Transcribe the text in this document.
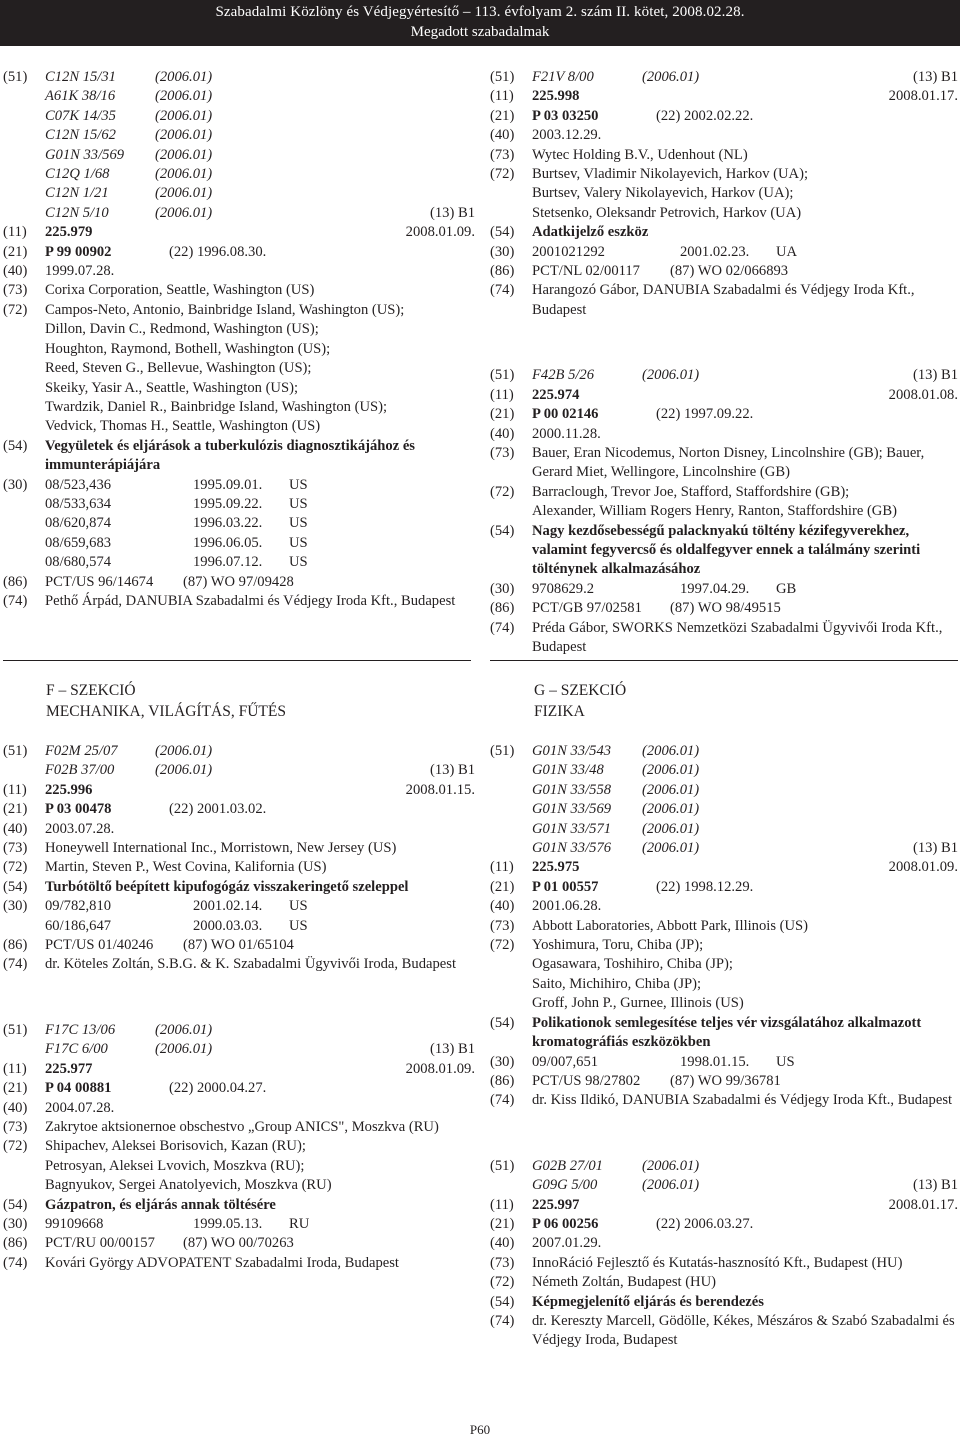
Szabadalmi Közlöny és Védjegyértesítő – 113. évfolyam 2. szám II. kötet, 2008.02.28.
Megadott szabadalmak
(51)	C12N 15/31	(2006.01)
A61K 38/16	(2006.01)
C07K 14/35	(2006.01)
C12N 15/62	(2006.01)
G01N 33/569	(2006.01)
C12Q 1/68	(2006.01)
C12N 1/21	(2006.01)
C12N 5/10	(2006.01)	(13) B1
(11)	225.979	2008.01.09.
(21)	P 99 00902	(22) 1996.08.30.
(40)	1999.07.28.
(73)	Corixa Corporation, Seattle, Washington (US)
(72)	Campos-Neto, Antonio, Bainbridge Island, Washington (US);
Dillon, Davin C., Redmond, Washington (US);
Houghton, Raymond, Bothell, Washington (US);
Reed, Steven G., Bellevue, Washington (US);
Skeiky, Yasir A., Seattle, Washington (US);
Twardzik, Daniel R., Bainbridge Island, Washington (US);
Vedvick, Thomas H., Seattle, Washington (US)
(54)	Vegyületek és eljárások a tuberkulózis diagnosztikájához és immunterápiájára
(30)	08/523,436	1995.09.01.	US
08/533,634	1995.09.22.	US
08/620,874	1996.03.22.	US
08/659,683	1996.06.05.	US
08/680,574	1996.07.12.	US
(86)	PCT/US 96/14674	(87) WO 97/09428
(74)	Pethő Árpád, DANUBIA Szabadalmi és Védjegy Iroda Kft., Budapest
F – SZEKCIÓ
MECHANIKA, VILÁGÍTÁS, FŰTÉS
(51)	F02M 25/07	(2006.01)
F02B 37/00	(2006.01)	(13) B1
(11)	225.996	2008.01.15.
(21)	P 03 00478	(22) 2001.03.02.
(40)	2003.07.28.
(73)	Honeywell International Inc., Morristown, New Jersey (US)
(72)	Martin, Steven P., West Covina, Kalifornia (US)
(54)	Turbótöltő beépített kipufogógáz visszakeringető szeleppel
(30)	09/782,810	2001.02.14.	US
60/186,647	2000.03.03.	US
(86)	PCT/US 01/40246	(87) WO 01/65104
(74)	dr. Köteles Zoltán, S.B.G. & K. Szabadalmi Ügyvivői Iroda, Budapest
(51)	F17C 13/06	(2006.01)
F17C 6/00	(2006.01)	(13) B1
(11)	225.977	2008.01.09.
(21)	P 04 00881	(22) 2000.04.27.
(40)	2004.07.28.
(73)	Zakrytoe aktsionernoe obschestvo „Group ANICS", Moszkva (RU)
(72)	Shipachev, Aleksei Borisovich, Kazan (RU);
Petrosyan, Aleksei Lvovich, Moszkva (RU);
Bagnyukov, Sergei Anatolyevich, Moszkva (RU)
(54)	Gázpatron, és eljárás annak töltésére
(30)	99109668	1999.05.13.	RU
(86)	PCT/RU 00/00157	(87) WO 00/70263
(74)	Kovári György ADVOPATENT Szabadalmi Iroda, Budapest
(51)	F21V 8/00	(2006.01)	(13) B1
(11)	225.998	2008.01.17.
(21)	P 03 03250	(22) 2002.02.22.
(40)	2003.12.29.
(73)	Wytec Holding B.V., Udenhout (NL)
(72)	Burtsev, Vladimir Nikolayevich, Harkov (UA);
Burtsev, Valery Nikolayevich, Harkov (UA);
Stetsenko, Oleksandr Petrovich, Harkov (UA)
(54)	Adatkijelző eszköz
(30)	2001021292	2001.02.23.	UA
(86)	PCT/NL 02/00117	(87) WO 02/066893
(74)	Harangozó Gábor, DANUBIA Szabadalmi és Védjegy Iroda Kft., Budapest
(51)	F42B 5/26	(2006.01)	(13) B1
(11)	225.974	2008.01.08.
(21)	P 00 02146	(22) 1997.09.22.
(40)	2000.11.28.
(73)	Bauer, Eran Nicodemus, Norton Disney, Lincolnshire (GB); Bauer, Gerard Miet, Wellingore, Lincolnshire (GB)
(72)	Barraclough, Trevor Joe, Stafford, Staffordshire (GB);
Alexander, William Rogers Henry, Ranton, Staffordshire (GB)
(54)	Nagy kezdősebességű palacknyakú töltény kézifegyverekhez, valamint fegyvercső és oldalfegyver ennek a találmány szerinti tölténynek alkalmazásához
(30)	9708629.2	1997.04.29.	GB
(86)	PCT/GB 97/02581	(87) WO 98/49515
(74)	Préda Gábor, SWORKS Nemzetközi Szabadalmi Ügyvivői Iroda Kft., Budapest
G – SZEKCIÓ
FIZIKA
(51)	G01N 33/543	(2006.01)
G01N 33/48	(2006.01)
G01N 33/558	(2006.01)
G01N 33/569	(2006.01)
G01N 33/571	(2006.01)
G01N 33/576	(2006.01)	(13) B1
(11)	225.975	2008.01.09.
(21)	P 01 00557	(22) 1998.12.29.
(40)	2001.06.28.
(73)	Abbott Laboratories, Abbott Park, Illinois (US)
(72)	Yoshimura, Toru, Chiba (JP);
Ogasawara, Toshihiro, Chiba (JP);
Saito, Michihiro, Chiba (JP);
Groff, John P., Gurnee, Illinois (US)
(54)	Polikationok semlegesítése teljes vér vizsgálatához alkalmazott kromatográfiás eszközökben
(30)	09/007,651	1998.01.15.	US
(86)	PCT/US 98/27802	(87) WO 99/36781
(74)	dr. Kiss Ildikó, DANUBIA Szabadalmi és Védjegy Iroda Kft., Budapest
(51)	G02B 27/01	(2006.01)
G09G 5/00	(2006.01)	(13) B1
(11)	225.997	2008.01.17.
(21)	P 06 00256	(22) 2006.03.27.
(40)	2007.01.29.
(73)	InnoRáció Fejlesztő és Kutatás-hasznosító Kft., Budapest (HU)
(72)	Németh Zoltán, Budapest (HU)
(54)	Képmegjelenítő eljárás és berendezés
(74)	dr. Kereszty Marcell, Gödölle, Kékes, Mészáros & Szabó Szabadalmi és Védjegy Iroda, Budapest
P60
